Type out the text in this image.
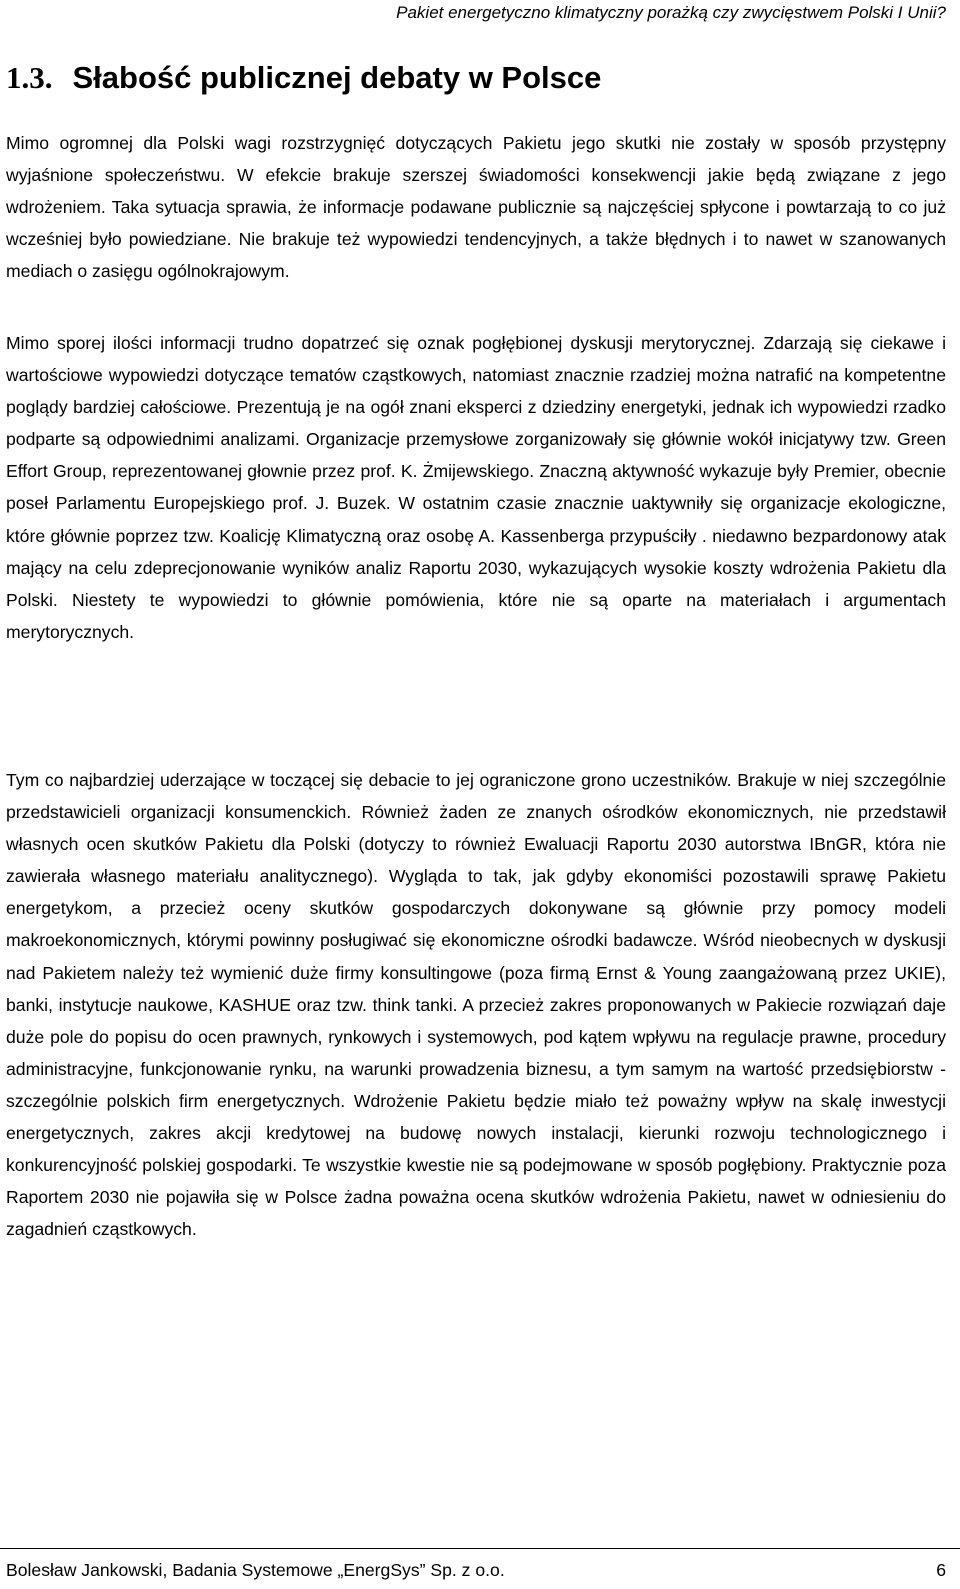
Pakiet energetyczno klimatyczny porażką czy zwycięstwem Polski I Unii?
1.3. Słabość publicznej debaty w Polsce

Mimo ogromnej dla Polski wagi rozstrzygnięć dotyczących Pakietu jego skutki nie zostały w sposób przystępny wyjaśnione społeczeństwu. W efekcie brakuje szerszej świadomości konsekwencji jakie będą związane z jego wdrożeniem. Taka sytuacja sprawia, że informacje podawane publicznie są najczęściej spłycone i powtarzają to co już wcześniej było powiedziane. Nie brakuje też wypowiedzi tendencyjnych, a także błędnych i to nawet w szanowanych mediach o zasięgu ogólnokrajowym.

Mimo sporej ilości informacji trudno dopatrzeć się oznak pogłębionej dyskusji merytorycznej. Zdarzają się ciekawe i wartościowe wypowiedzi dotyczące tematów cząstkowych, natomiast znacznie rzadziej można natrafić na kompetentne poglądy bardziej całościowe. Prezentują je na ogół znani eksperci z dziedziny energetyki, jednak ich wypowiedzi rzadko podparte są odpowiednimi analizami. Organizacje przemysłowe zorganizowały się głównie wokół inicjatywy tzw. Green Effort Group, reprezentowanej głownie przez prof. K. Żmijewskiego. Znaczną aktywność wykazuje były Premier, obecnie poseł Parlamentu Europejskiego prof. J. Buzek. W ostatnim czasie znacznie uaktywniły się organizacje ekologiczne, które głównie poprzez tzw. Koalicję Klimatyczną oraz osobę A. Kassenberga przypuściły . niedawno bezpardonowy atak mający na celu zdeprecjonowanie wyników analiz Raportu 2030, wykazujących wysokie koszty wdrożenia Pakietu dla Polski. Niestety te wypowiedzi to głównie pomówienia, które nie są oparte na materiałach i argumentach merytorycznych.

Tym co najbardziej uderzające w toczącej się debacie to jej ograniczone grono uczestników. Brakuje w niej szczególnie przedstawicieli organizacji konsumenckich. Również żaden ze znanych ośrodków ekonomicznych, nie przedstawił własnych ocen skutków Pakietu dla Polski (dotyczy to również Ewaluacji Raportu 2030 autorstwa IBnGR, która nie zawierała własnego materiału analitycznego). Wygląda to tak, jak gdyby ekonomiści pozostawili sprawę Pakietu energetykom, a przecież oceny skutków gospodarczych dokonywane są głównie przy pomocy modeli makroekonomicznych, którymi powinny posługiwać się ekonomiczne ośrodki badawcze. Wśród nieobecnych w dyskusji nad Pakietem należy też wymienić duże firmy konsultingowe (poza firmą Ernst & Young zaangażowaną przez UKIE), banki, instytucje naukowe, KASHUE oraz tzw. think tanki. A przecież zakres proponowanych w Pakiecie rozwiązań daje duże pole do popisu do ocen prawnych, rynkowych i systemowych, pod kątem wpływu na regulacje prawne, procedury administracyjne, funkcjonowanie rynku, na warunki prowadzenia biznesu, a tym samym na wartość przedsiębiorstw - szczególnie polskich firm energetycznych. Wdrożenie Pakietu będzie miało też poważny wpływ na skalę inwestycji energetycznych, zakres akcji kredytowej na budowę nowych instalacji, kierunki rozwoju technologicznego i konkurencyjność polskiej gospodarki. Te wszystkie kwestie nie są podejmowane w sposób pogłębiony. Praktycznie poza Raportem 2030 nie pojawiła się w Polsce żadna poważna ocena skutków wdrożenia Pakietu, nawet w odniesieniu do zagadnień cząstkowych.

Bolesław Jankowski, Badania Systemowe „EnergSys” Sp. z o.o.	6
